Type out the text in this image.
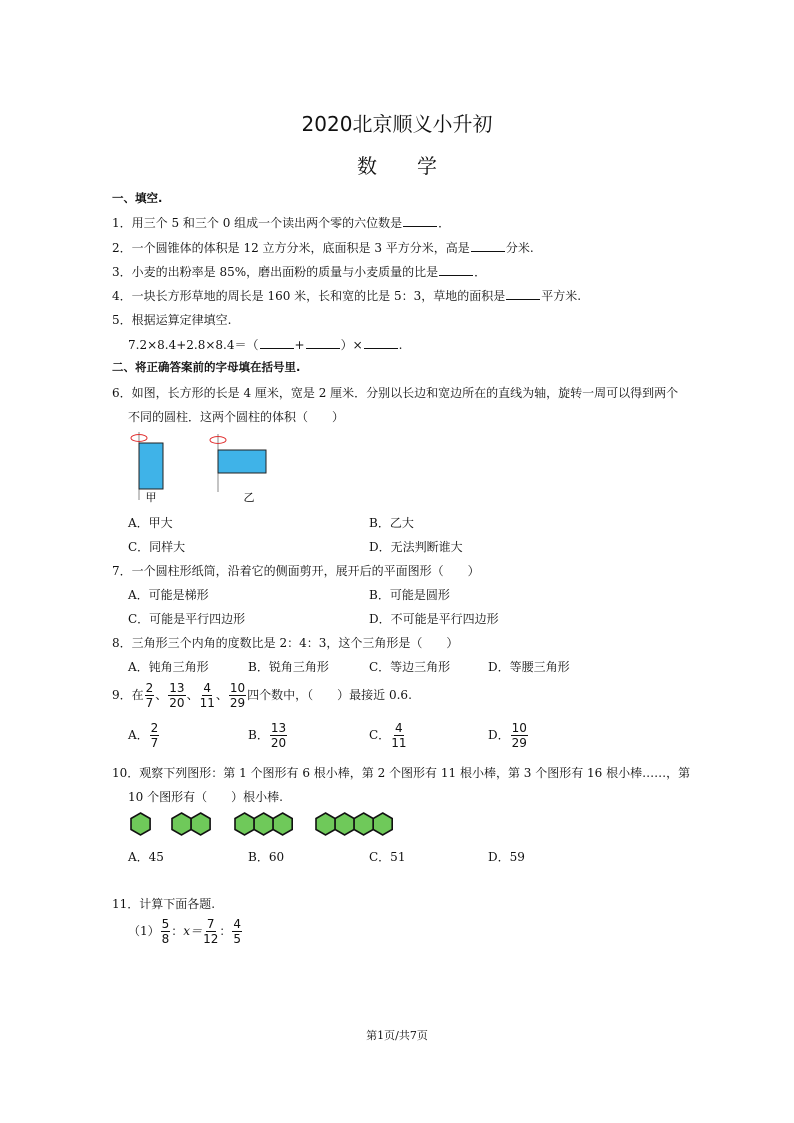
2020北京顺义小升初
数学
一、填空.
1．用三个 5 和三个 0 组成一个读出两个零的六位数是	．
2．一个圆锥体的体积是 12 立方分米，底面积是 3 平方分米，高是	分米.
3．小麦的出粉率是 85%，磨出面粉的质量与小麦质量的比是	．
4．一块长方形草地的周长是 160 米，长和宽的比是 5：3，草地的面积是	平方米.
5．根据运算定律填空.
7.2×8.4+2.8×8.4＝（	+	）×	.
二、将正确答案前的字母填在括号里.
6．如图，长方形的长是 4 厘米，宽是 2 厘米．分别以长边和宽边所在的直线为轴，旋转一周可以得到两个
不同的圆柱．这两个圆柱的体积（　　）
甲	乙
A．甲大	B．乙大
C．同样大	D．无法判断谁大
7．一个圆柱形纸筒，沿着它的侧面剪开，展开后的平面图形（　　）
A．可能是梯形	B．可能是圆形
C．可能是平行四边形	D．不可能是平行四边形
8．三角形三个内角的度数比是 2：4：3，这个三角形是（　　）
A．钝角三角形	B．锐角三角形	C．等边三角形	D．等腰三角形
9．在 $\frac{2}{7}$ 、 $\frac{13}{20}$ 、 $\frac{4}{11}$ 、 $\frac{10}{29}$ 四个数中，（　　）最接近 0.6.
A． $\frac{2}{7}$	B． $\frac{13}{20}$	C． $\frac{4}{11}$	D． $\frac{10}{29}$
10．观察下列图形：第 1 个图形有 6 根小棒，第 2 个图形有 11 根小棒，第 3 个图形有 16 根小棒……，第
10 个图形有（　　）根小棒.
A．45	B．60	C．51	D．59
11．计算下面各题.
$(1) \frac{5}{8}$ ：$x= \frac{7}{12}$ ： $\frac{4}{5}$
第1页/共7页
